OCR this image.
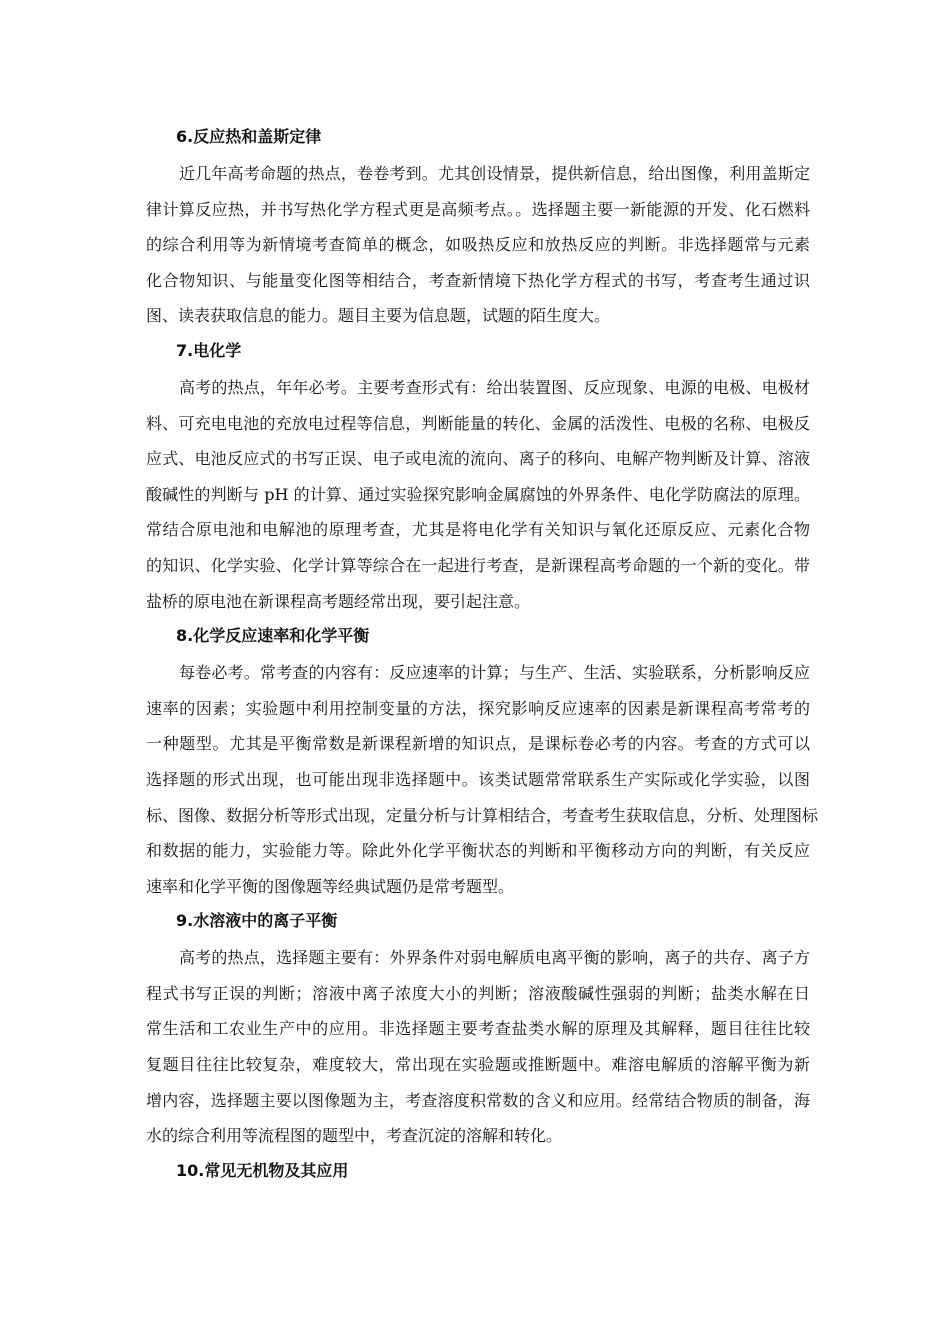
6.反应热和盖斯定律

近几年高考命题的热点，卷卷考到。尤其创设情景，提供新信息，给出图像，利用盖斯定
律计算反应热，并书写热化学方程式更是高频考点。。选择题主要一新能源的开发、化石燃料
的综合利用等为新情境考查简单的概念，如吸热反应和放热反应的判断。非选择题常与元素
化合物知识、与能量变化图等相结合，考查新情境下热化学方程式的书写，考查考生通过识
图、读表获取信息的能力。题目主要为信息题，试题的陌生度大。

7.电化学

高考的热点，年年必考。主要考查形式有：给出装置图、反应现象、电源的电极、电极材
料、可充电电池的充放电过程等信息，判断能量的转化、金属的活泼性、电极的名称、电极反
应式、电池反应式的书写正误、电子或电流的流向、离子的移向、电解产物判断及计算、溶液
酸碱性的判断与 pH 的计算、通过实验探究影响金属腐蚀的外界条件、电化学防腐法的原理。
常结合原电池和电解池的原理考查，尤其是将电化学有关知识与氧化还原反应、元素化合物
的知识、化学实验、化学计算等综合在一起进行考查，是新课程高考命题的一个新的变化。带
盐桥的原电池在新课程高考题经常出现，要引起注意。

8.化学反应速率和化学平衡

每卷必考。常考查的内容有：反应速率的计算；与生产、生活、实验联系，分析影响反应
速率的因素；实验题中利用控制变量的方法，探究影响反应速率的因素是新课程高考常考的
一种题型。尤其是平衡常数是新课程新增的知识点，是课标卷必考的内容。考查的方式可以
选择题的形式出现，也可能出现非选择题中。该类试题常常联系生产实际或化学实验，以图
标、图像、数据分析等形式出现，定量分析与计算相结合，考查考生获取信息，分析、处理图标
和数据的能力，实验能力等。除此外化学平衡状态的判断和平衡移动方向的判断，有关反应
速率和化学平衡的图像题等经典试题仍是常考题型。

9.水溶液中的离子平衡

高考的热点，选择题主要有：外界条件对弱电解质电离平衡的影响，离子的共存、离子方
程式书写正误的判断；溶液中离子浓度大小的判断；溶液酸碱性强弱的判断；盐类水解在日
常生活和工农业生产中的应用。非选择题主要考查盐类水解的原理及其解释，题目往往比较
复题目往往比较复杂，难度较大，常出现在实验题或推断题中。难溶电解质的溶解平衡为新
增内容，选择题主要以图像题为主，考查溶度积常数的含义和应用。经常结合物质的制备，海
水的综合利用等流程图的题型中，考查沉淀的溶解和转化。

10.常见无机物及其应用
